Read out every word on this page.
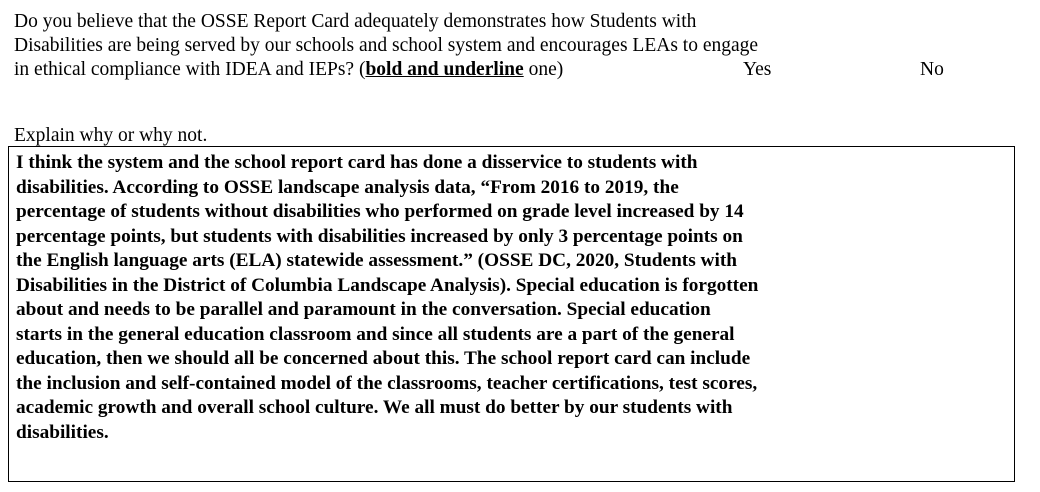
Do you believe that the OSSE Report Card adequately demonstrates how Students with
Disabilities are being served by our schools and school system and encourages LEAs to engage
in ethical compliance with IDEA and IEPs? (bold and underline one)	Yes	No
Explain why or why not.

I think the system and the school report card has done a disservice to students with
disabilities. According to OSSE landscape analysis data, “From 2016 to 2019, the
percentage of students without disabilities who performed on grade level increased by 14
percentage points, but students with disabilities increased by only 3 percentage points on
the English language arts (ELA) statewide assessment.” (OSSE DC, 2020, Students with
Disabilities in the District of Columbia Landscape Analysis). Special education is forgotten
about and needs to be parallel and paramount in the conversation. Special education
starts in the general education classroom and since all students are a part of the general
education, then we should all be concerned about this. The school report card can include
the inclusion and self-contained model of the classrooms, teacher certifications, test scores,
academic growth and overall school culture. We all must do better by our students with
disabilities.
